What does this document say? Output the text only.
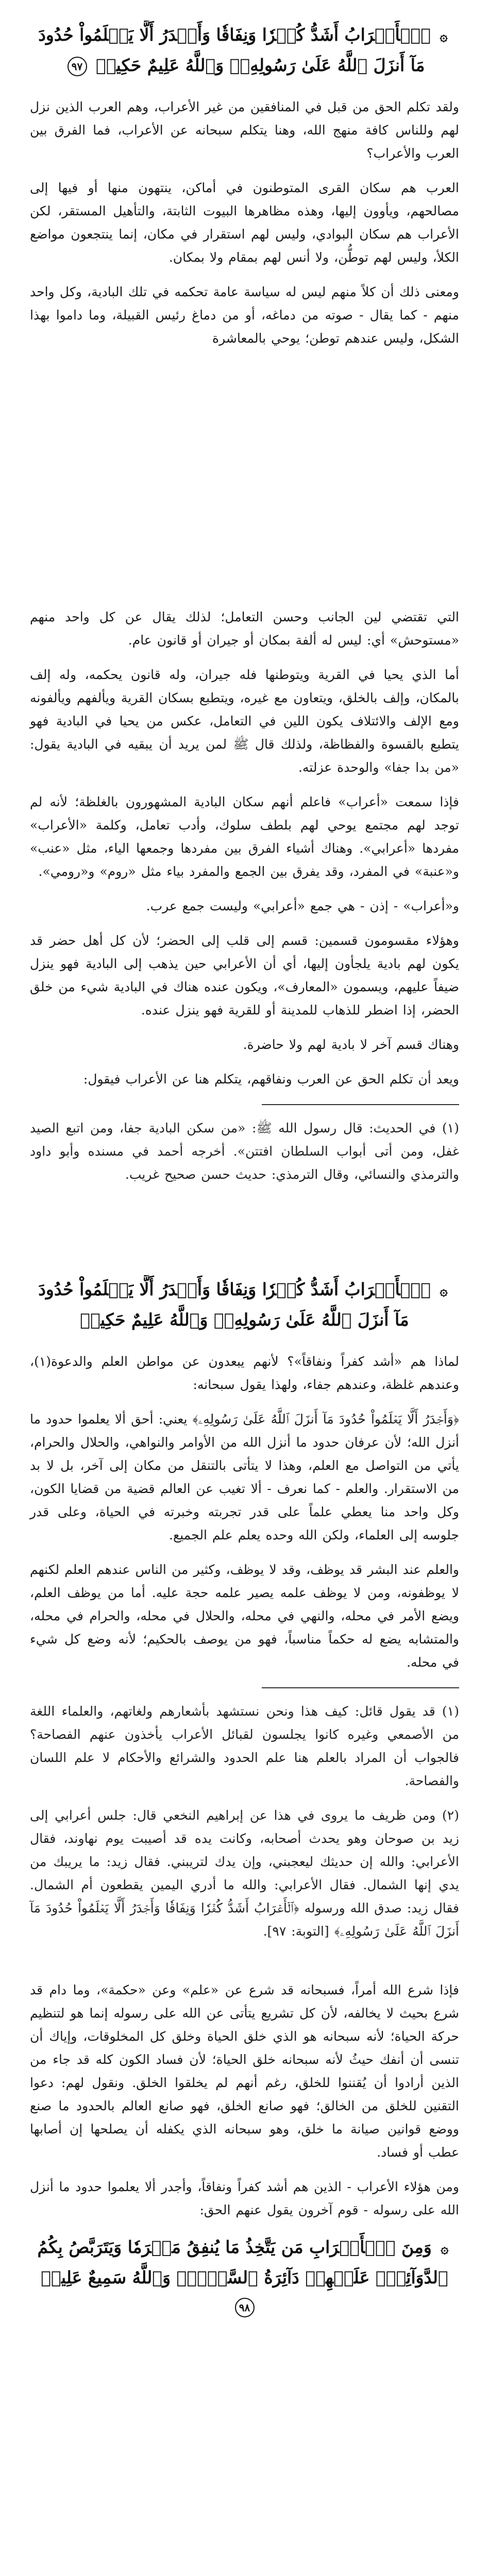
۞ ٱلۡأَعۡرَابُ أَشَدُّ كُفۡرٗا وَنِفَاقٗا وَأَجۡدَرُ أَلَّا يَعۡلَمُواْ حُدُودَ مَآ أَنزَلَ ٱللَّهُ عَلَىٰ رَسُولِهِۦۗ وَٱللَّهُ عَلِيمٌ حَكِيمٞ ٩٧

ولقد تكلم الحق من قبل في المنافقين من غير الأعراب، وهم العرب الذين نزل لهم وللناس كافة منهج الله، وهنا يتكلم سبحانه عن الأعراب، فما الفرق بين العرب والأعراب؟

العرب هم سكان القرى المتوطنون في أماكن، ينتهون منها أو فيها إلى مصالحهم، ويأوون إليها، وهذه مظاهرها البيوت الثابتة، والتأهيل المستقر، لكن الأعراب هم سكان البوادي، وليس لهم استقرار في مكان، إنما ينتجعون مواضع الكلأ، وليس لهم توطُّن، ولا أنس لهم بمقام ولا بمكان.

ومعنى ذلك أن كلاً منهم ليس له سياسة عامة تحكمه في تلك البادية، وكل واحد منهم - كما يقال - صوته من دماغه، أو من دماغ رئيس القبيلة، وما داموا بهذا الشكل، وليس عندهم توطن؛ يوحي بالمعاشرة

التي تقتضي لين الجانب وحسن التعامل؛ لذلك يقال عن كل واحد منهم «مستوحش» أي: ليس له ألفة بمكان أو جيران أو قانون عام.

أما الذي يحيا في القرية ويتوطنها فله جيران، وله قانون يحكمه، وله إلف بالمكان، وإلف بالخلق، ويتعاون مع غيره، ويتطبع بسكان القرية ويألفهم ويألفونه ومع الإلف والائتلاف يكون اللين في التعامل، عكس من يحيا في البادية فهو يتطبع بالقسوة والفظاظة، ولذلك قال ﷺ لمن يريد أن يبقيه في البادية يقول: «من بدا جفا» والوحدة عزلته.

فإذا سمعت «أعراب» فاعلم أنهم سكان البادية المشهورون بالغلظة؛ لأنه لم توجد لهم مجتمع يوحي لهم بلطف سلوك، وأدب تعامل، وكلمة «الأعراب» مفردها «أعرابي». وهناك أشياء الفرق بين مفردها وجمعها الياء، مثل «عنب» و«عنبة» في المفرد، وقد يفرق بين الجمع والمفرد بياء مثل «روم» و«رومي».

و«أعراب» - إذن - هي جمع «أعرابي» وليست جمع عرب.

وهؤلاء مقسومون قسمين: قسم إلى قلب إلى الحضر؛ لأن كل أهل حضر قد يكون لهم بادية يلجأون إليها، أي أن الأعرابي حين يذهب إلى البادية فهو ينزل ضيفاً عليهم، ويسمون «المعارف»، ويكون عنده هناك في البادية شيء من خلق الحضر، إذا اضطر للذهاب للمدينة أو للقرية فهو ينزل عنده.

وهناك قسم آخر لا بادية لهم ولا حاضرة.

ويعد أن تكلم الحق عن العرب ونفاقهم، يتكلم هنا عن الأعراب فيقول:

(١) في الحديث: قال رسول الله ﷺ: «من سكن البادية جفا، ومن اتبع الصيد غفل، ومن أتى أبواب السلطان افتتن». أخرجه أحمد في مسنده وأبو داود والترمذي والنسائي، وقال الترمذي: حديث حسن صحيح غريب.

۞ ٱلۡأَعۡرَابُ أَشَدُّ كُفۡرٗا وَنِفَاقٗا وَأَجۡدَرُ أَلَّا يَعۡلَمُواْ حُدُودَ مَآ أَنزَلَ ٱللَّهُ عَلَىٰ رَسُولِهِۦۗ وَٱللَّهُ عَلِيمٌ حَكِيمٞ

لماذا هم «أشد كفراً ونفاقاً»؟ لأنهم يبعدون عن مواطن العلم والدعوة(١)، وعندهم غلظة، وعندهم جفاء، ولهذا يقول سبحانه:

﴿وَأَجۡدَرُ أَلَّا يَعۡلَمُواْ حُدُودَ مَآ أَنزَلَ ٱللَّهُ عَلَىٰ رَسُولِهِۦ﴾ يعني: أحق ألا يعلموا حدود ما أنزل الله؛ لأن عرفان حدود ما أنزل الله من الأوامر والنواهي، والحلال والحرام، يأتي من التواصل مع العلم، وهذا لا يتأتى بالتنقل من مكان إلى آخر، بل لا بد من الاستقرار. والعلم - كما نعرف - ألا تغيب عن العالم قضية من قضايا الكون، وكل واحد منا يعطي علماً على قدر تجربته وخبرته في الحياة، وعلى قدر جلوسه إلى العلماء، ولكن الله وحده يعلم علم الجميع.

والعلم عند البشر قد يوظف، وقد لا يوظف، وكثير من الناس عندهم العلم لكنهم لا يوظفونه، ومن لا يوظف علمه يصير علمه حجة عليه. أما من يوظف العلم، ويضع الأمر في محله، والنهي في محله، والحلال في محله، والحرام في محله، والمتشابه يضع له حكماً مناسباً، فهو من يوصف بالحكيم؛ لأنه وضع كل شيء في محله.

(١) قد يقول قائل: كيف هذا ونحن نستشهد بأشعارهم ولغاتهم، والعلماء اللغة من الأصمعي وغيره كانوا يجلسون لقبائل الأعراب يأخذون عنهم الفصاحة؟ فالجواب أن المراد بالعلم هنا علم الحدود والشرائع والأحكام لا علم اللسان والفصاحة.

(٢) ومن ظريف ما يروى في هذا عن إبراهيم النخعي قال: جلس أعرابي إلى زيد بن صوحان وهو يحدث أصحابه، وكانت يده قد أصيبت يوم نهاوند، فقال الأعرابي: والله إن حديثك ليعجبني، وإن يدك لتريبني. فقال زيد: ما يريبك من يدي إنها الشمال. فقال الأعرابي: والله ما أدري اليمين يقطعون أم الشمال. فقال زيد: صدق الله ورسوله ﴿ٱلۡأَعۡرَابُ أَشَدُّ كُفۡرٗا وَنِفَاقٗا وَأَجۡدَرُ أَلَّا يَعۡلَمُواْ حُدُودَ مَآ أَنزَلَ ٱللَّهُ عَلَىٰ رَسُولِهِۦ﴾ [التوبة: ٩٧].

فإذا شرع الله أمراً، فسبحانه قد شرع عن «علم» وعن «حكمة»، وما دام قد شرع بحيث لا يخالفه، لأن كل تشريع يتأتى عن الله على رسوله إنما هو لتنظيم حركة الحياة؛ لأنه سبحانه هو الذي خلق الحياة وخلق كل المخلوقات، وإياك أن تنسى أن أنفك حيثُ لأنه سبحانه خلق الحياة؛ لأن فساد الكون كله قد جاء من الذين أرادوا أن يُقننوا للخلق، رغم أنهم لم يخلقوا الخلق. ونقول لهم: دعوا التقنين للخلق من الخالق؛ فهو صانع الخلق، فهو صانع العالم بالحدود ما صنع ووضع قوانين صيانة ما خلق، وهو سبحانه الذي يكفله أن يصلحها إن أصابها عطب أو فساد.

ومن هؤلاء الأعراب - الذين هم أشد كفراً ونفاقاً، وأجدر ألا يعلموا حدود ما أنزل الله على رسوله - قوم آخرون يقول عنهم الحق:

۞ وَمِنَ ٱلۡأَعۡرَابِ مَن يَتَّخِذُ مَا يُنفِقُ مَغۡرَمٗا وَيَتَرَبَّصُ بِكُمُ ٱلدَّوَآئِرَۚ عَلَيۡهِمۡ دَآئِرَةُ ٱلسَّوۡءِۗ وَٱللَّهُ سَمِيعٌ عَلِيمٞ ٩٨
